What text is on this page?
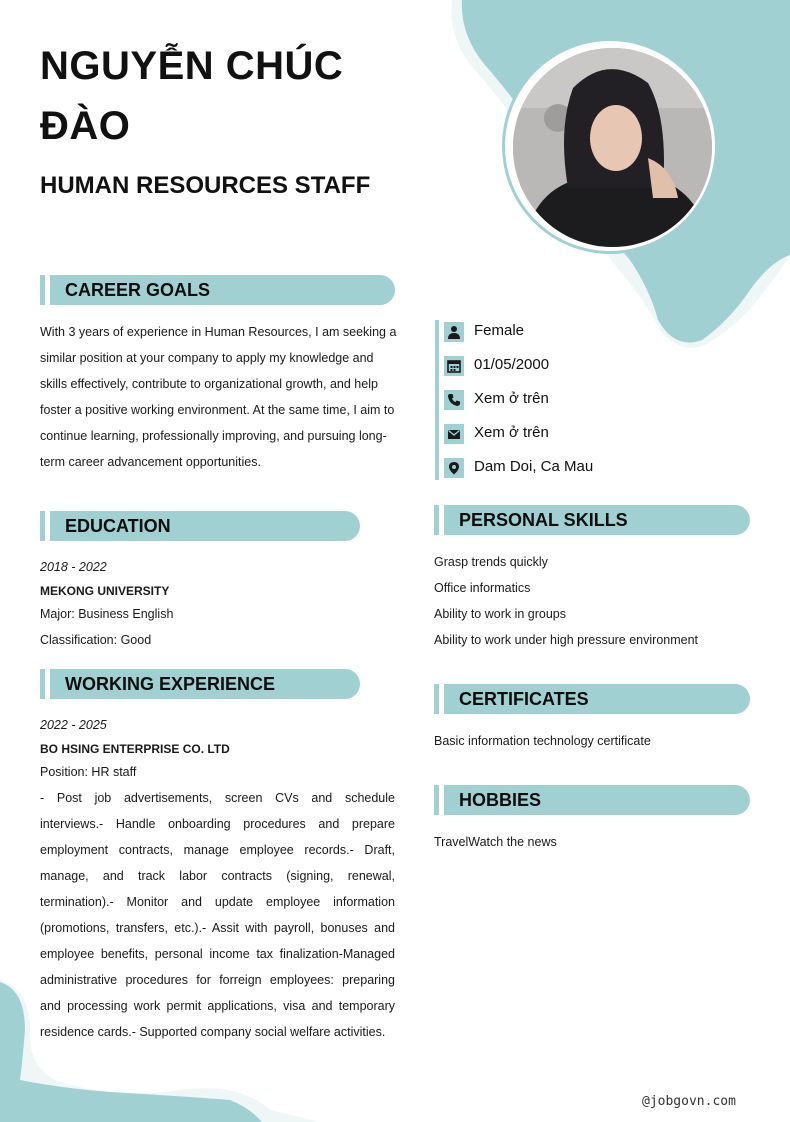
NGUYỄN CHÚC ĐÀO
HUMAN RESOURCES STAFF
CAREER GOALS

With 3 years of experience in Human Resources, I am seeking a similar position at your company to apply my knowledge and skills effectively, contribute to organizational growth, and help foster a positive working environment. At the same time, I aim to continue learning, professionally improving, and pursuing long-term career advancement opportunities.

Female
01/05/2000
Xem ở trên
Xem ở trên
Dam Doi, Ca Mau
EDUCATION
2018 - 2022
MEKONG UNIVERSITY
Major: Business English
Classification: Good
WORKING EXPERIENCE
2022 - 2025
BO HSING ENTERPRISE CO. LTD
Position: HR staff

- Post job advertisements, screen CVs and schedule interviews.- Handle onboarding procedures and prepare employment contracts, manage employee records.- Draft, manage, and track labor contracts (signing, renewal, termination).- Monitor and update employee information (promotions, transfers, etc.).- Assit with payroll, bonuses and employee benefits, personal income tax finalization-Managed administrative procedures for forreign employees: preparing and processing work permit applications, visa and temporary residence cards.- Supported company social welfare activities.

PERSONAL SKILLS
Grasp trends quickly
Office informatics
Ability to work in groups
Ability to work under high pressure environment
CERTIFICATES
Basic information technology certificate
HOBBIES
TravelWatch the news
@jobgovn.com
